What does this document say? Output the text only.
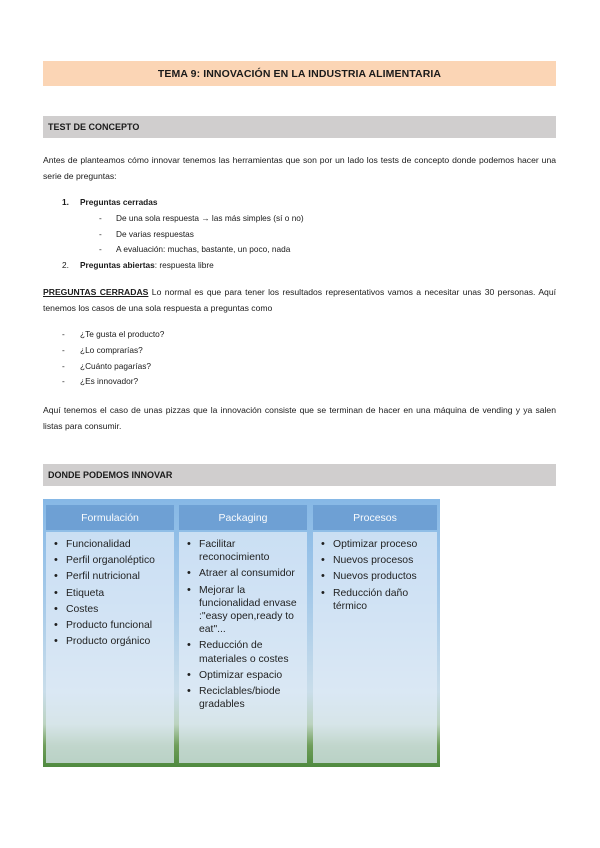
TEMA 9: INNOVACIÓN EN LA INDUSTRIA ALIMENTARIA
TEST DE CONCEPTO

Antes de planteamos cómo innovar tenemos las herramientas que son por un lado los tests de concepto donde podemos hacer una serie de preguntas:

1. Preguntas cerradas
- De una sola respuesta → las más simples (sí o no)
- De varias respuestas
- A evaluación: muchas, bastante, un poco, nada
2. Preguntas abiertas: respuesta libre

PREGUNTAS CERRADAS Lo normal es que para tener los resultados representativos vamos a necesitar unas 30 personas. Aquí tenemos los casos de una sola respuesta a preguntas como

- ¿Te gusta el producto?
- ¿Lo comprarías?
- ¿Cuánto pagarías?
- ¿Es innovador?

Aquí tenemos el caso de unas pizzas que la innovación consiste que se terminan de hacer en una máquina de vending y ya salen listas para consumir.

DONDE PODEMOS INNOVAR
Formulación
• Funcionalidad
• Perfil organoléptico
• Perfil nutricional
• Etiqueta
• Costes
• Producto funcional
• Producto orgánico
Packaging
• Facilitar reconocimiento
• Atraer al consumidor
• Mejorar la funcionalidad envase :"easy open,ready to eat"...
• Reducción de materiales o costes
• Optimizar espacio
• Reciclables/biode gradables
Procesos
• Optimizar proceso
• Nuevos procesos
• Nuevos productos
• Reducción daño térmico
